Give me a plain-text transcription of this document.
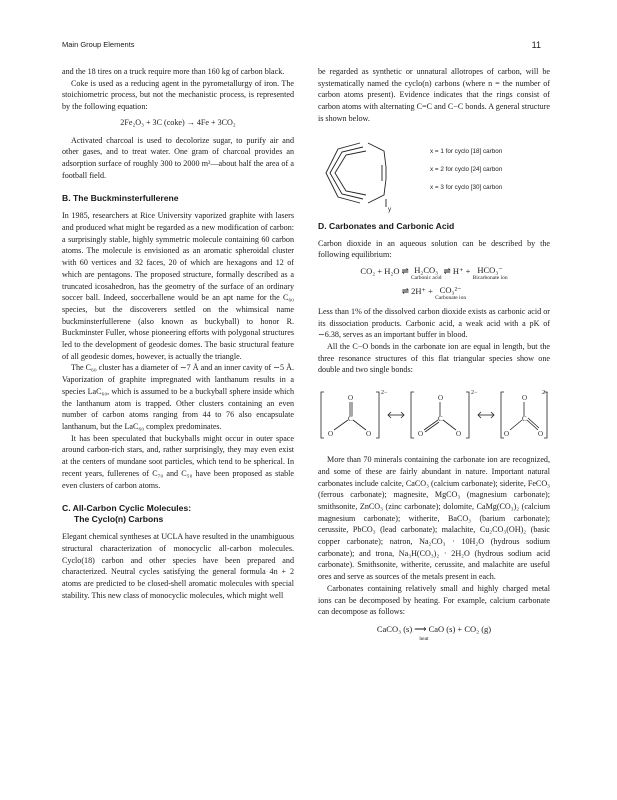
Main Group Elements	11

and the 18 tires on a truck require more than 160 kg of carbon black.

Coke is used as a reducing agent in the pyrometallurgy of iron. The stoichiometric process, but not the mechanistic process, is represented by the following equation:

2Fe₂O₃ + 3C (coke) → 4Fe + 3CO₂

Activated charcoal is used to decolorize sugar, to purify air and other gases, and to treat water. One gram of charcoal provides an adsorption surface of roughly 300 to 2000 m²—about half the area of a football field.

B. The Buckminsterfullerene

In 1985, researchers at Rice University vaporized graphite with lasers and produced what might be regarded as a new modification of carbon: a surprisingly stable, highly symmetric molecule containing 60 carbon atoms. The molecule is envisioned as an aromatic spheroidal cluster with 60 vertices and 32 faces, 20 of which are hexagons and 12 of which are pentagons. The proposed structure, formally described as a truncated icosahedron, has the geometry of the surface of an ordinary soccer ball. Indeed, soccerballene would be an apt name for the C₆₀ species, but the discoverers settled on the whimsical name buckminsterfullerene (also known as buckyball) to honor R. Buckminster Fuller, whose pioneering efforts with polygonal structures led to the development of geodesic domes. The basic structural feature of all geodesic domes, however, is actually the triangle.

The C₆₀ cluster has a diameter of ∼7 Å and an inner cavity of ∼5 Å. Vaporization of graphite impregnated with lanthanum results in a species LaC₆₀, which is assumed to be a buckyball sphere inside which the lanthanum atom is trapped. Other clusters containing an even number of carbon atoms ranging from 44 to 76 also encapsulate lanthanum, but the LaC₆₀ complex predominates.

It has been speculated that buckyballs might occur in outer space around carbon-rich stars, and, rather surprisingly, they may even exist at the centers of mundane soot particles, which tend to be spherical. In recent years, fullerenes of C₇₀ and C₅₀ have been proposed as stable even clusters of carbon atoms.

C. All-Carbon Cyclic Molecules:
The Cyclo(n) Carbons

Elegant chemical syntheses at UCLA have resulted in the unambiguous structural characterization of monocyclic all-carbon molecules. Cyclo(18) carbon and other species have been prepared and characterized. Neutral cycles satisfying the general formula 4n + 2 atoms are predicted to be closed-shell aromatic molecules with special stability. This new class of monocyclic molecules, which might well

be regarded as synthetic or unnatural allotropes of carbon, will be systematically named the cyclo(n) carbons (where n = the number of carbon atoms present). Evidence indicates that the rings consist of carbon atoms with alternating C=C and C−C bonds. A general structure is shown below.

x = 1 for cyclo [18] carbon
x = 2 for cyclo [24] carbon
x = 3 for cyclo [30] carbon
y
D. Carbonates and Carbonic Acid

Carbon dioxide in an aqueous solution can be described by the following equilibrium:

CO₂ + H₂O ⇌ H₂CO₃
Carbonic acid
⇌ H⁺ + HCO₃⁻
Bicarbonate ion
⇌ 2H⁺ + CO₃²⁻
Carbonate ion

Less than 1% of the dissolved carbon dioxide exists as carbonic acid or its dissociation products. Carbonic acid, a weak acid with a pK of ∼6.38, serves as an important buffer in blood.

All the C−O bonds in the carbonate ion are equal in length, but the three resonance structures of this flat triangular species show one double and two single bonds:

O
C
O	O
O
C
O	O
O
C
O	O
2−	2−	2−

More than 70 minerals containing the carbonate ion are recognized, and some of these are fairly abundant in nature. Important natural carbonates include calcite, CaCO₃ (calcium carbonate); siderite, FeCO₃ (ferrous carbonate); magnesite, MgCO₃ (magnesium carbonate); smithsonite, ZnCO₃ (zinc carbonate); dolomite, CaMg(CO₃)₂ (calcium magnesium carbonate); witherite, BaCO₃ (barium carbonate); cerussite, PbCO₃ (lead carbonate); malachite, Cu₂CO₃(OH)₂ (basic copper carbonate); natron, Na₂CO₃ · 10H₂O (hydrous sodium carbonate); and trona, Na₃H(CO₃)₂ · 2H₂O (hydrous sodium acid carbonate). Smithsonite, witherite, cerussite, and malachite are useful ores and serve as sources of the metals present in each.

Carbonates containing relatively small and highly charged metal ions can be decomposed by heating. For example, calcium carbonate can decompose as follows:

CaCO₃ (s) ⟶ CaO (s) + CO₂ (g)
heat
